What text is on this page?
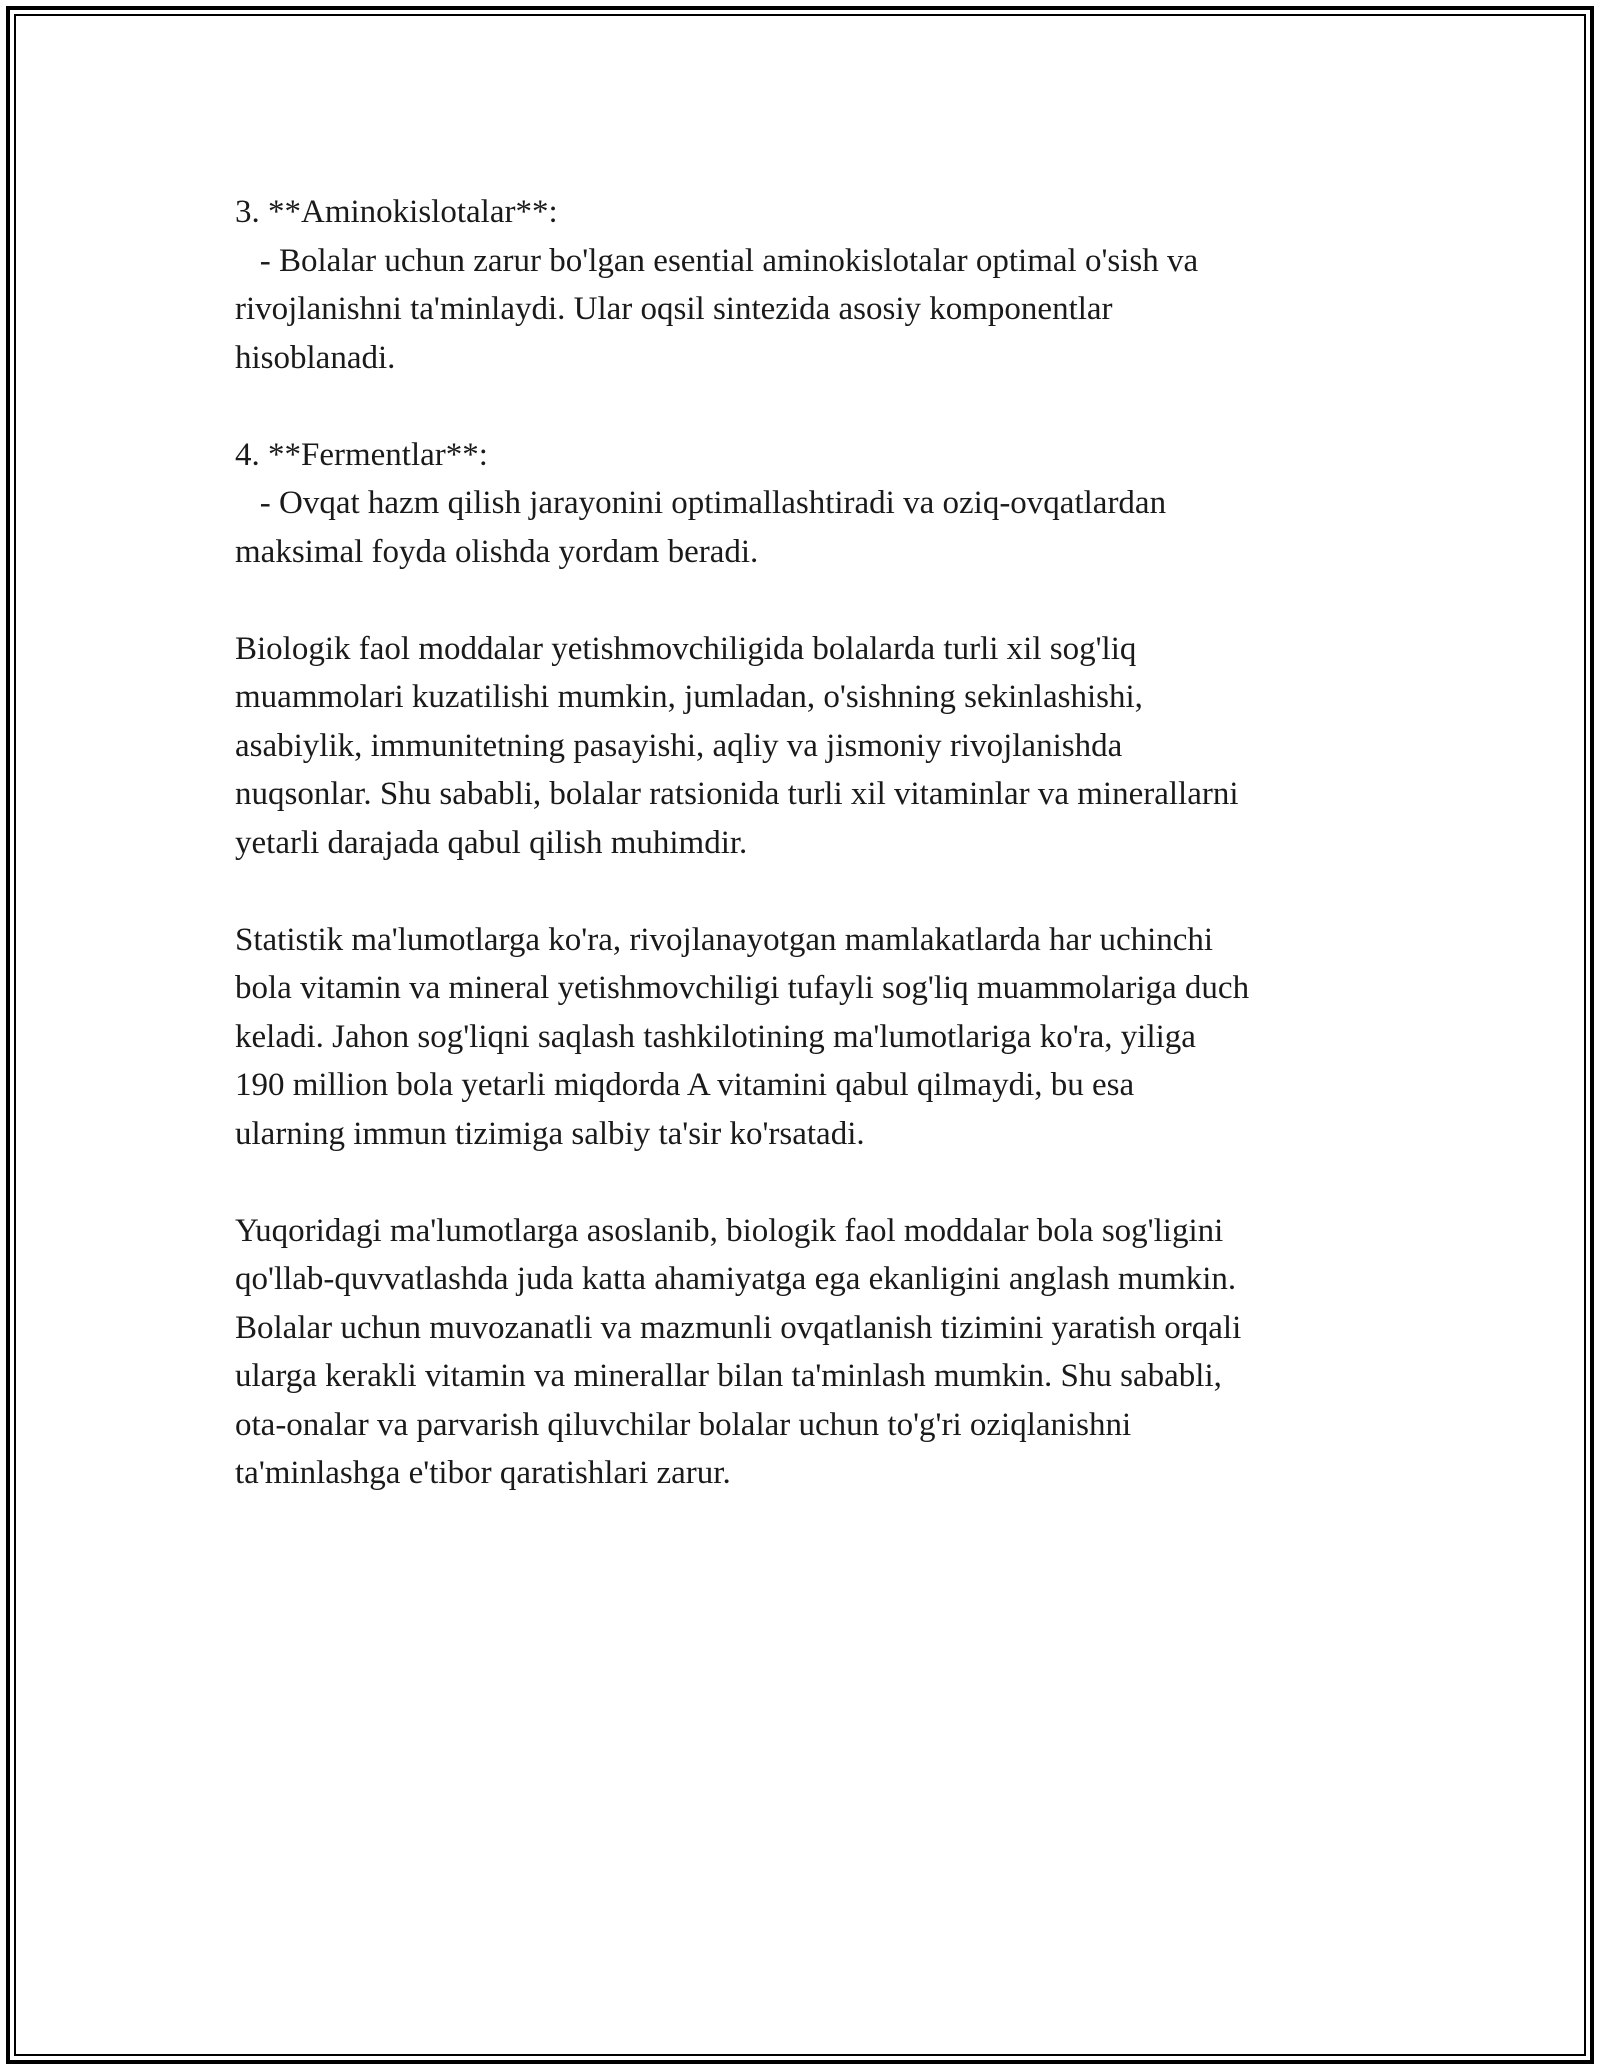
3. **Aminokislotalar**:
- Bolalar uchun zarur bo'lgan esential aminokislotalar optimal o'sish va
rivojlanishni ta'minlaydi. Ular oqsil sintezida asosiy komponentlar
hisoblanadi.
4. **Fermentlar**:
- Ovqat hazm qilish jarayonini optimallashtiradi va oziq-ovqatlardan
maksimal foyda olishda yordam beradi.
Biologik faol moddalar yetishmovchiligida bolalarda turli xil sog'liq
muammolari kuzatilishi mumkin, jumladan, o'sishning sekinlashishi,
asabiylik, immunitetning pasayishi, aqliy va jismoniy rivojlanishda
nuqsonlar. Shu sababli, bolalar ratsionida turli xil vitaminlar va minerallarni
yetarli darajada qabul qilish muhimdir.
Statistik ma'lumotlarga ko'ra, rivojlanayotgan mamlakatlarda har uchinchi
bola vitamin va mineral yetishmovchiligi tufayli sog'liq muammolariga duch
keladi. Jahon sog'liqni saqlash tashkilotining ma'lumotlariga ko'ra, yiliga
190 million bola yetarli miqdorda A vitamini qabul qilmaydi, bu esa
ularning immun tizimiga salbiy ta'sir ko'rsatadi.
Yuqoridagi ma'lumotlarga asoslanib, biologik faol moddalar bola sog'ligini
qo'llab-quvvatlashda juda katta ahamiyatga ega ekanligini anglash mumkin.
Bolalar uchun muvozanatli va mazmunli ovqatlanish tizimini yaratish orqali
ularga kerakli vitamin va minerallar bilan ta'minlash mumkin. Shu sababli,
ota-onalar va parvarish qiluvchilar bolalar uchun to'g'ri oziqlanishni
ta'minlashga e'tibor qaratishlari zarur.
